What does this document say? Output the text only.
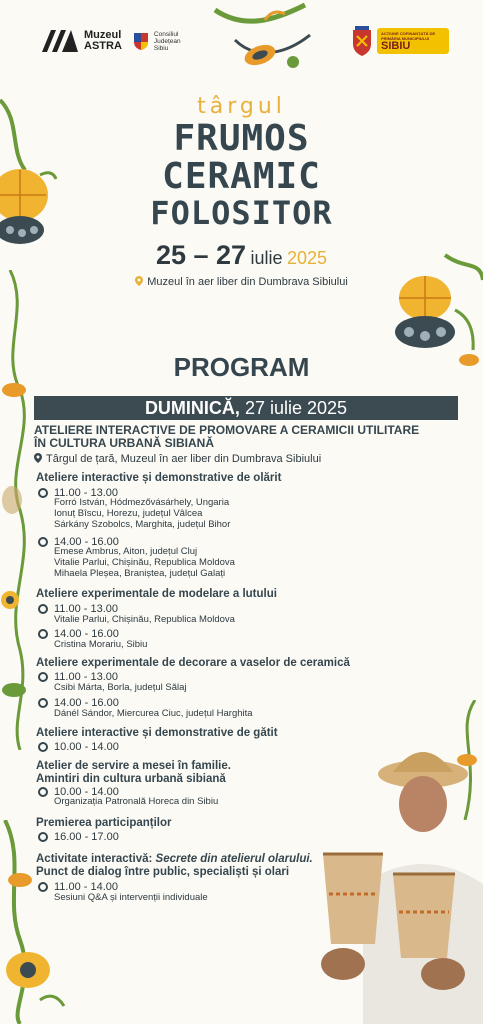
Muzeul
ASTRA
Consiliul
Județean
Sibiu
ACȚIUNE COFINANȚATĂ DE
PRIMĂRIA MUNICIPIULUI
SIBIU
târgul
FRUMOS
CERAMIC
FOLOSITOR
25 – 27 iulie 2025
Muzeul în aer liber din Dumbrava Sibiului
PROGRAM
DUMINICĂ, 27 iulie 2025
ATELIERE INTERACTIVE DE PROMOVARE A CERAMICII UTILITARE
ÎN CULTURA URBANĂ SIBIANĂ
Târgul de țară, Muzeul în aer liber din Dumbrava Sibiului
Ateliere interactive și demonstrative de olărit
11.00 - 13.00
Forró István, Hódmezővásárhely, Ungaria
Ionuț Bîscu, Horezu, județul Vâlcea
Sárkány Szobolcs, Marghita, județul Bihor
14.00 - 16.00
Emese Ambrus, Aiton, județul Cluj
Vitalie Parlui, Chișinău, Republica Moldova
Mihaela Pleșea, Braniștea, județul Galați
Ateliere experimentale de modelare a lutului
11.00 - 13.00
Vitalie Parlui, Chișinău, Republica Moldova
14.00 - 16.00
Cristina Morariu, Sibiu
Ateliere experimentale de decorare a vaselor de ceramică
11.00 - 13.00
Csibi Márta, Borla, județul Sălaj
14.00 - 16.00
Dánél Sándor, Miercurea Ciuc, județul Harghita
Ateliere interactive și demonstrative de gătit
10.00 - 14.00
Atelier de servire a mesei în familie.
Amintiri din cultura urbană sibiană
10.00 - 14.00
Organizația Patronală Horeca din Sibiu
Premierea participanților
16.00 - 17.00
Activitate interactivă: Secrete din atelierul olarului.
Punct de dialog între public, specialiști și olari
11.00 - 14.00
Sesiuni Q&A și intervenții individuale
